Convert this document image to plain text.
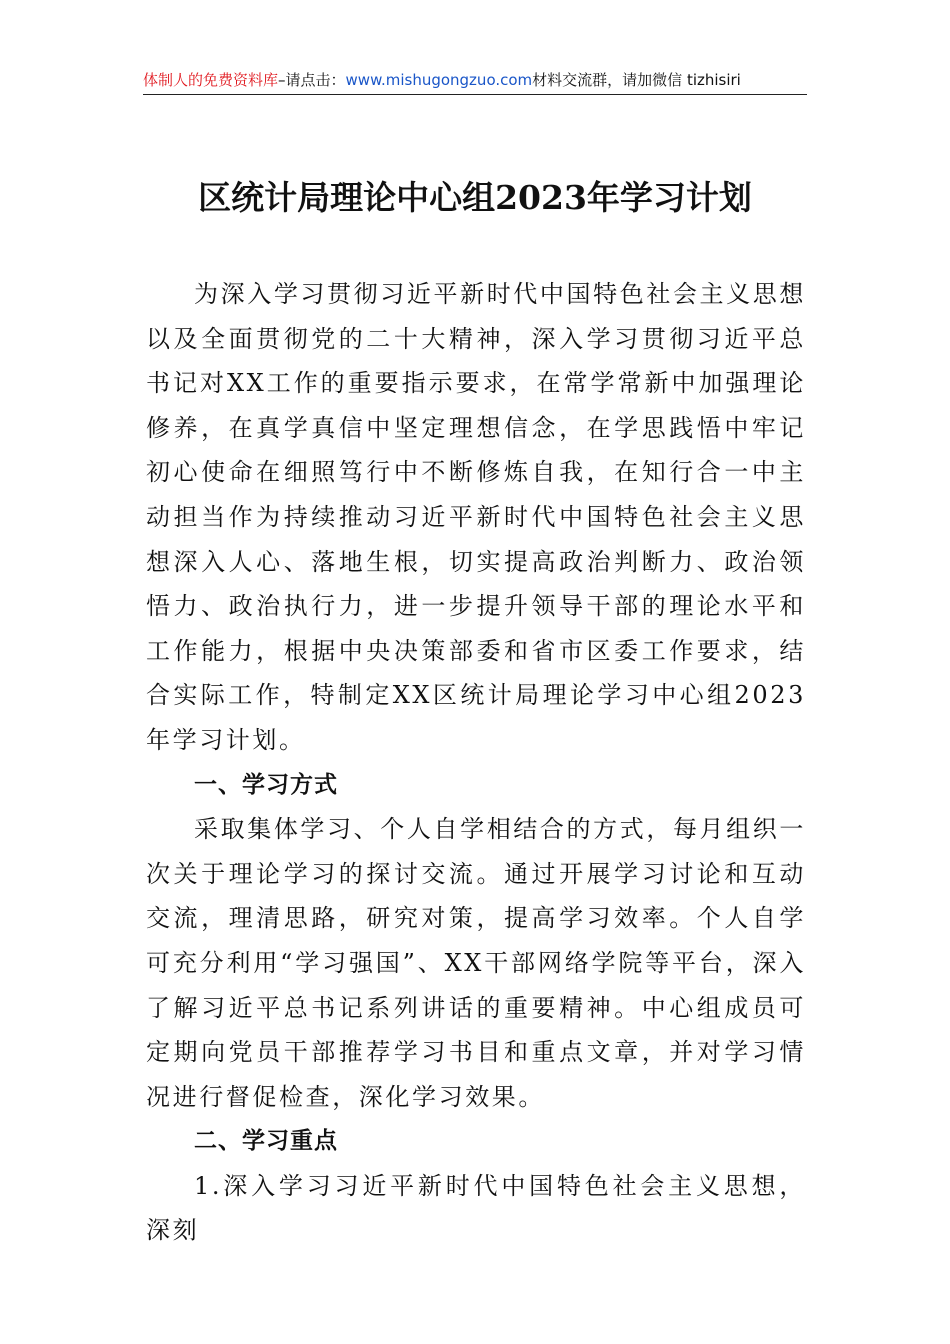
体制人的免费资料库–请点击：www.mishugongzuo.com材料交流群，请加微信 tizhisiri
区统计局理论中心组2023年学习计划

为深入学习贯彻习近平新时代中国特色社会主义思想以及全面贯彻党的二十大精神，深入学习贯彻习近平总书记对XX工作的重要指示要求，在常学常新中加强理论修养，在真学真信中坚定理想信念，在学思践悟中牢记初心使命在细照笃行中不断修炼自我，在知行合一中主动担当作为持续推动习近平新时代中国特色社会主义思想深入人心、落地生根，切实提高政治判断力、政治领悟力、政治执行力，进一步提升领导干部的理论水平和工作能力，根据中央决策部委和省市区委工作要求，结合实际工作，特制定XX区统计局理论学习中心组2023年学习计划。

一、学习方式

采取集体学习、个人自学相结合的方式，每月组织一次关于理论学习的探讨交流。通过开展学习讨论和互动交流，理清思路，研究对策，提高学习效率。个人自学可充分利用“学习强国”、XX干部网络学院等平台，深入了解习近平总书记系列讲话的重要精神。中心组成员可定期向党员干部推荐学习书目和重点文章，并对学习情况进行督促检查，深化学习效果。

二、学习重点

1.深入学习习近平新时代中国特色社会主义思想，深刻
